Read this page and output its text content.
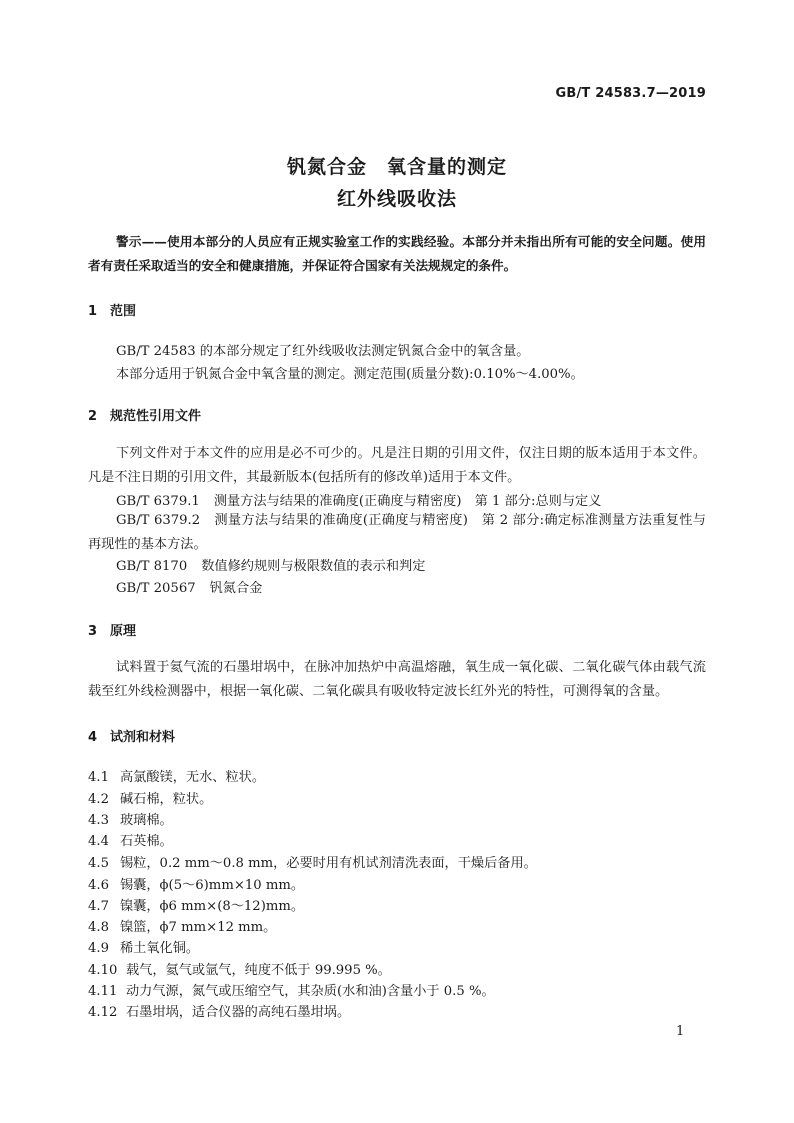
GB/T 24583.7—2019
钒氮合金　氧含量的测定
红外线吸收法

警示——使用本部分的人员应有正规实验室工作的实践经验。本部分并未指出所有可能的安全问题。使用者有责任采取适当的安全和健康措施，并保证符合国家有关法规规定的条件。

1 范围
GB/T 24583 的本部分规定了红外线吸收法测定钒氮合金中的氧含量。
本部分适用于钒氮合金中氧含量的测定。测定范围(质量分数):0.10%～4.00%。
2 规范性引用文件

下列文件对于本文件的应用是必不可少的。凡是注日期的引用文件，仅注日期的版本适用于本文件。凡是不注日期的引用文件，其最新版本(包括所有的修改单)适用于本文件。

GB/T 6379.1 测量方法与结果的准确度(正确度与精密度)　第 1 部分:总则与定义

GB/T 6379.2 测量方法与结果的准确度(正确度与精密度)　第 2 部分:确定标准测量方法重复性与再现性的基本方法。

GB/T 8170 数值修约规则与极限数值的表示和判定
GB/T 20567 钒氮合金
3 原理

试料置于氦气流的石墨坩埚中，在脉冲加热炉中高温熔融，氧生成一氧化碳、二氧化碳气体由载气流载至红外线检测器中，根据一氧化碳、二氧化碳具有吸收特定波长红外光的特性，可测得氧的含量。

4 试剂和材料
4.1 高氯酸镁，无水、粒状。
4.2 碱石棉，粒状。
4.3 玻璃棉。
4.4 石英棉。
4.5 锡粒，0.2 mm～0.8 mm，必要时用有机试剂清洗表面，干燥后备用。
4.6 锡囊，ϕ(5～6)mm×10 mm。
4.7 镍囊，ϕ6 mm×(8～12)mm。
4.8 镍篮，ϕ7 mm×12 mm。
4.9 稀土氧化铜。
4.10 载气，氦气或氩气，纯度不低于 99.995 %。
4.11 动力气源，氮气或压缩空气，其杂质(水和油)含量小于 0.5 %。
4.12 石墨坩埚，适合仪器的高纯石墨坩埚。
1
